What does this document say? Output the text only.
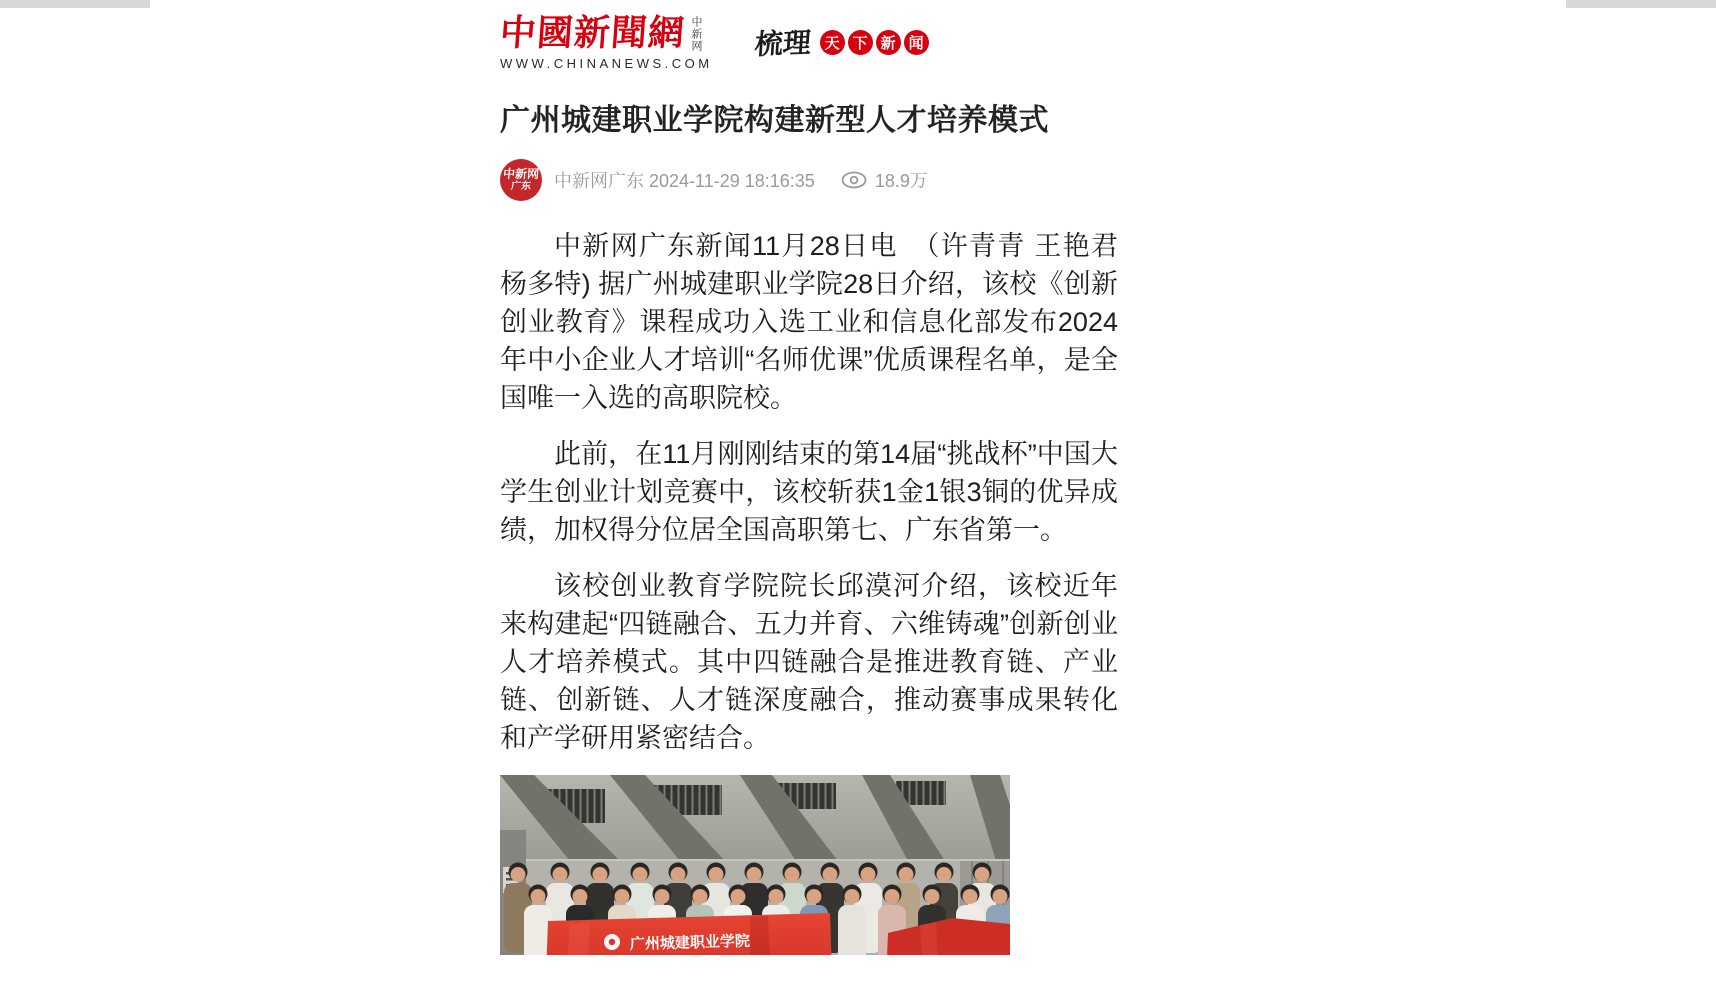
中國新聞網 中新网
WWW.CHINANEWS.COM
梳理 天 下 新 闻
广州城建职业学院构建新型人才培养模式
中新网
广东 中新网广东 2024-11-29 18:16:35	18.9万

中新网广东新闻11月28日电　（许青青 王艳君 杨多特) 据广州城建职业学院28日介绍，该校《创新创业教育》课程成功入选工业和信息化部发布2024年中小企业人才培训“名师优课”优质课程名单，是全国唯一入选的高职院校。

此前，在11月刚刚结束的第14届“挑战杯”中国大学生创业计划竞赛中，该校斩获1金1银3铜的优异成绩，加权得分位居全国高职第七、广东省第一。

该校创业教育学院院长邱漠河介绍，该校近年来构建起“四链融合、五力并育、六维铸魂”创新创业人才培养模式。其中四链融合是推进教育链、产业链、创新链、人才链深度融合，推动赛事成果转化和产学研用紧密结合。

广州城建职业学院
